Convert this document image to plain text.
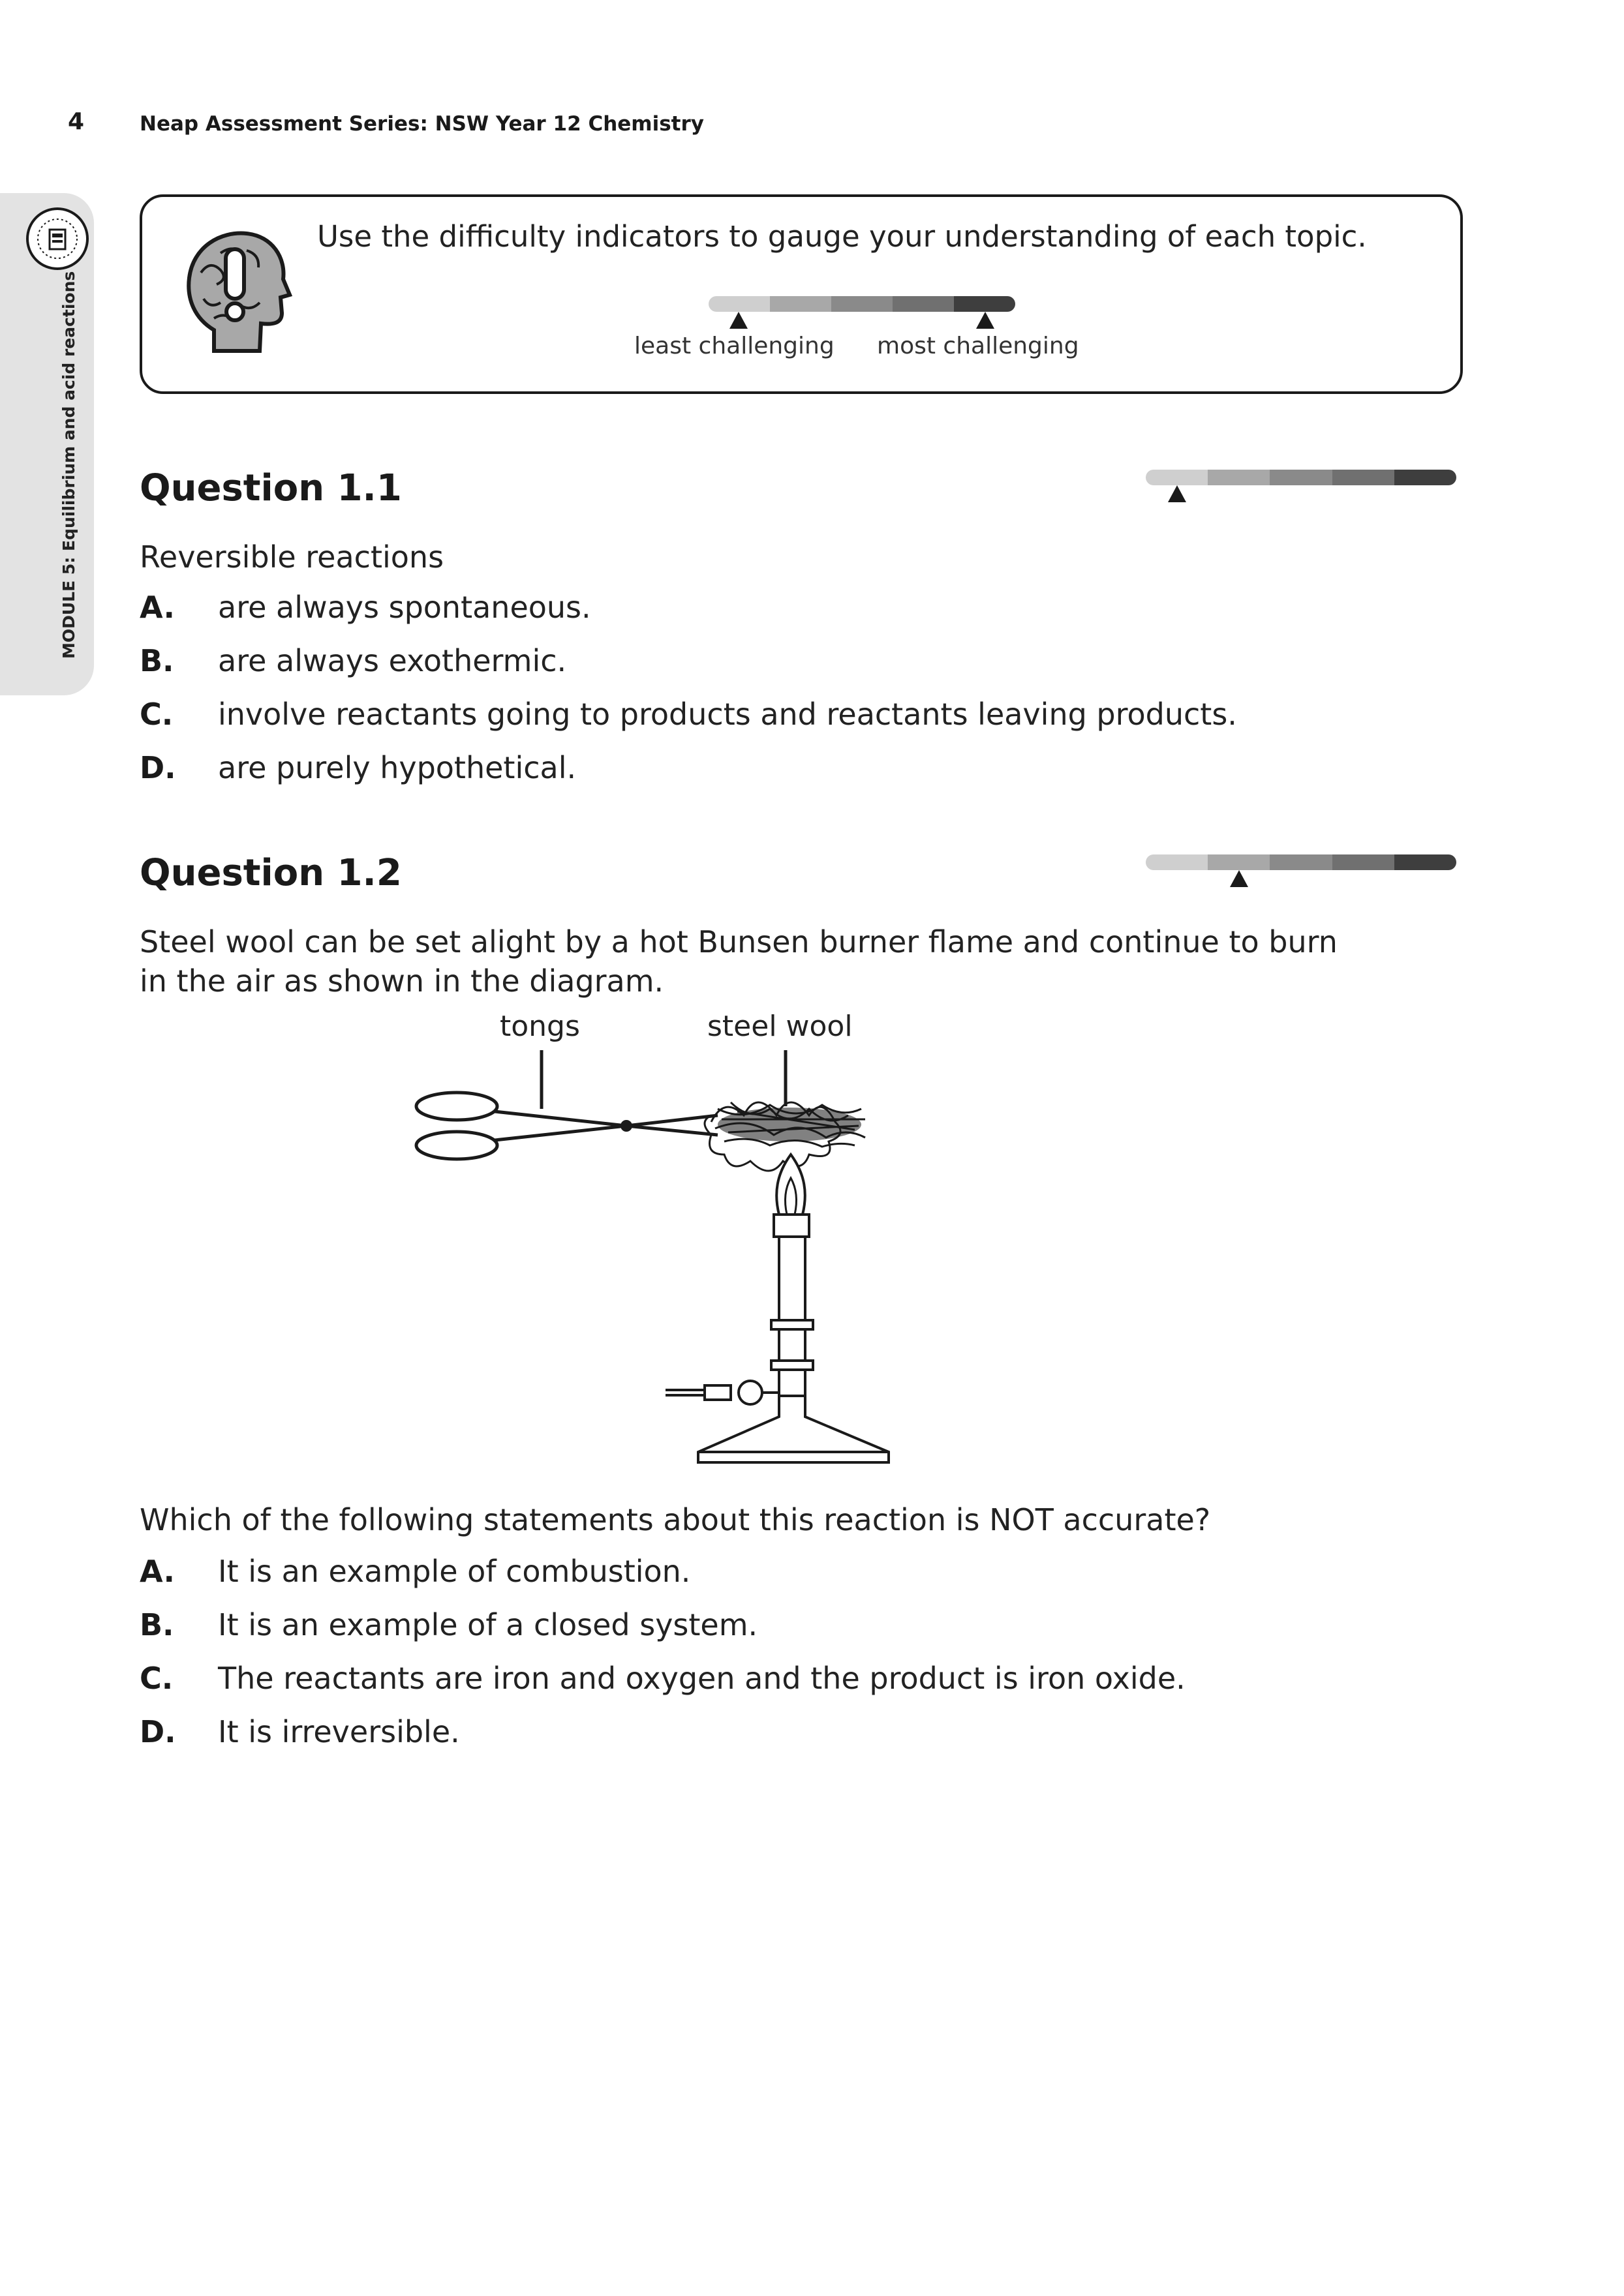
4	Neap Assessment Series: NSW Year 12 Chemistry
MODULE 5: Equilibrium and acid reactions
Use the difficulty indicators to gauge your understanding of each topic.
least challenging most challenging
Question 1.1
Reversible reactions
A. are always spontaneous.
B. are always exothermic.
C. involve reactants going to products and reactants leaving products.
D. are purely hypothetical.
Question 1.2
Steel wool can be set alight by a hot Bunsen burner flame and continue to burn
in the air as shown in the diagram.
tongs	steel wool
Which of the following statements about this reaction is NOT accurate?
A. It is an example of combustion.
B. It is an example of a closed system.
C. The reactants are iron and oxygen and the product is iron oxide.
D. It is irreversible.
